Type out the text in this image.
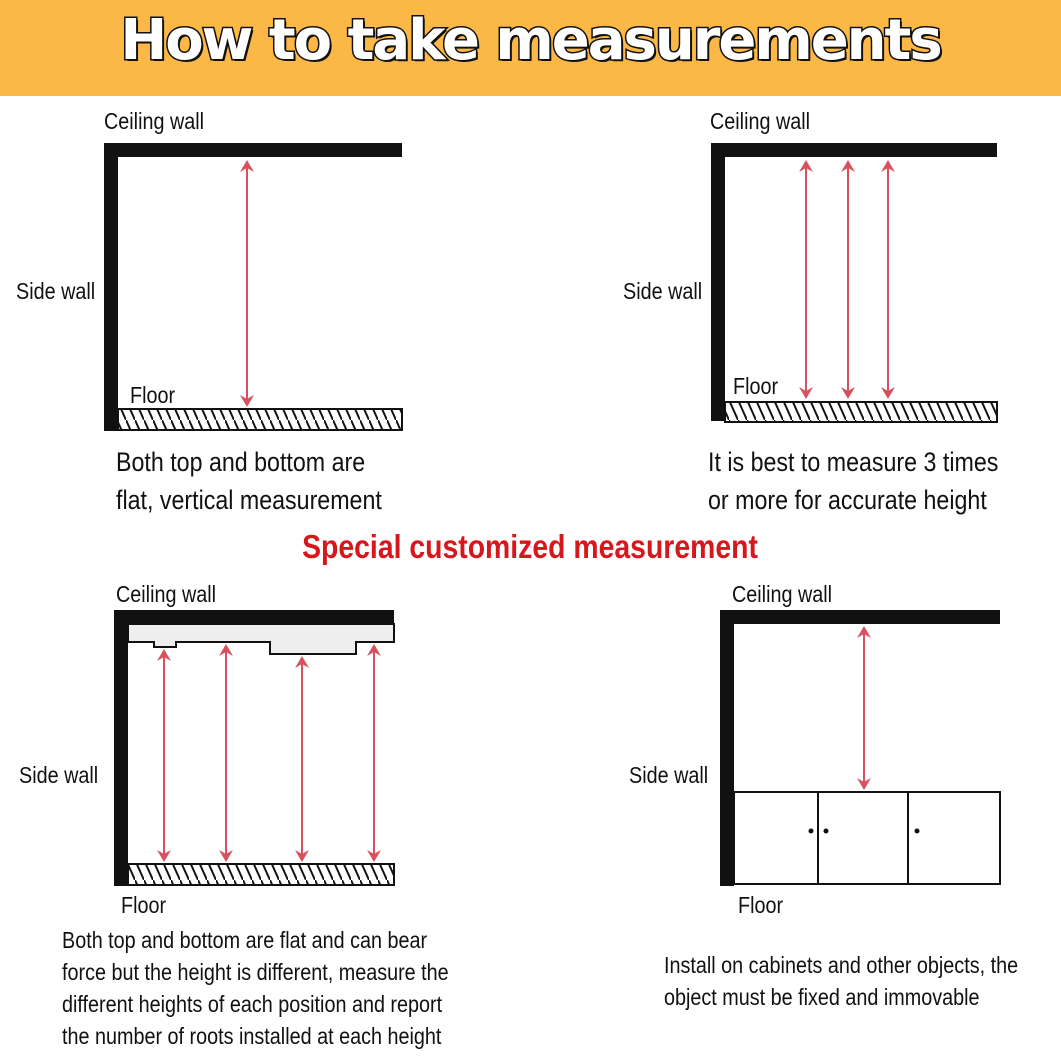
How to take measurements
Ceiling wall
Side wall
Floor
Both top and bottom are
flat, vertical measurement
Ceiling wall
Side wall
Floor
It is best to measure 3 times
or more for accurate height
Special customized measurement
Ceiling wall
Side wall
Floor
Both top and bottom are flat and can bear
force but the height is different, measure the
different heights of each position and report
the number of roots installed at each height
Ceiling wall
Side wall
Floor
Install on cabinets and other objects, the
object must be fixed and immovable
